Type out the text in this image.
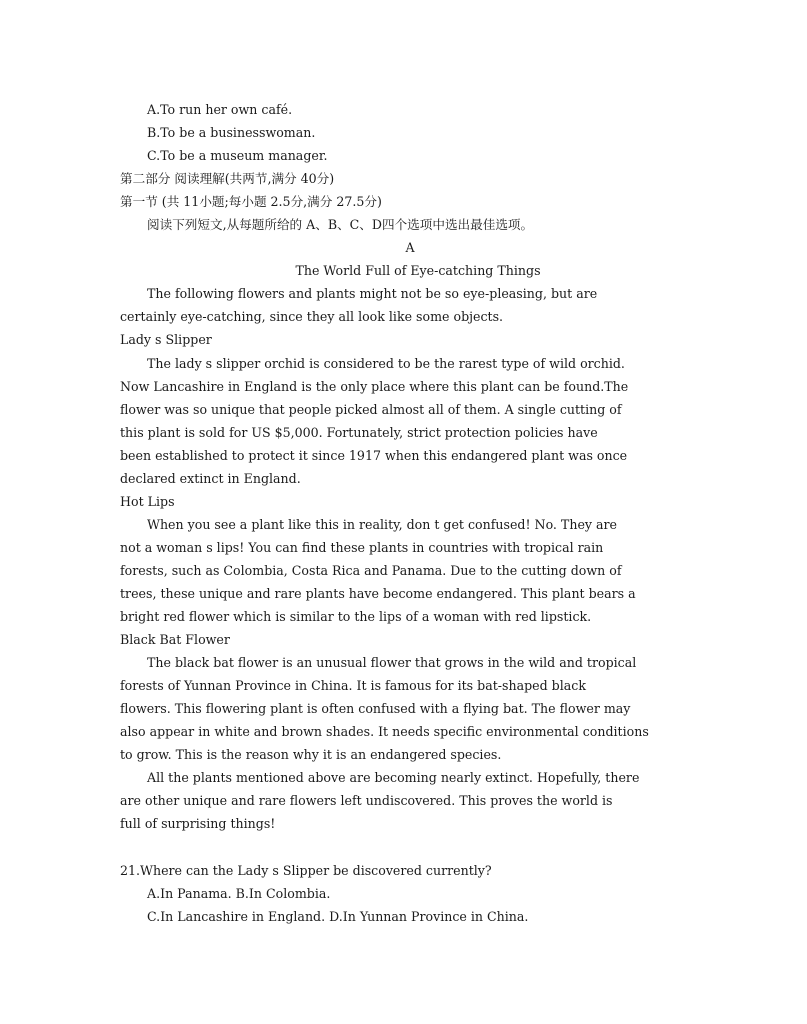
A.To run her own café.
B.To be a businesswoman.
C.To be a museum manager.
第二部分 阅读理解(共两节,满分 40分)
第一节 (共 11小题;每小题 2.5分,满分 27.5分)
阅读下列短文,从每题所给的 A、B、C、D四个选项中选出最佳选项。
A
The World Full of Eye-catching Things
The following flowers and plants might not be so eye-pleasing, but are
certainly eye-catching, since they all look like some objects.
Lady s Slipper
The lady s slipper orchid is considered to be the rarest type of wild orchid.
Now Lancashire in England is the only place where this plant can be found.The
flower was so unique that people picked almost all of them. A single cutting of
this plant is sold for US $5,000. Fortunately, strict protection policies have
been established to protect it since 1917 when this endangered plant was once
declared extinct in England.
Hot Lips
When you see a plant like this in reality, don t get confused! No. They are
not a woman s lips! You can find these plants in countries with tropical rain
forests, such as Colombia, Costa Rica and Panama. Due to the cutting down of
trees, these unique and rare plants have become endangered. This plant bears a
bright red flower which is similar to the lips of a woman with red lipstick.
Black Bat Flower
The black bat flower is an unusual flower that grows in the wild and tropical
forests of Yunnan Province in China. It is famous for its bat-shaped black
flowers. This flowering plant is often confused with a flying bat. The flower may
also appear in white and brown shades. It needs specific environmental conditions
to grow. This is the reason why it is an endangered species.
All the plants mentioned above are becoming nearly extinct. Hopefully, there
are other unique and rare flowers left undiscovered. This proves the world is
full of surprising things!
21.Where can the Lady s Slipper be discovered currently?
A.In Panama. B.In Colombia.
C.In Lancashire in England. D.In Yunnan Province in China.
